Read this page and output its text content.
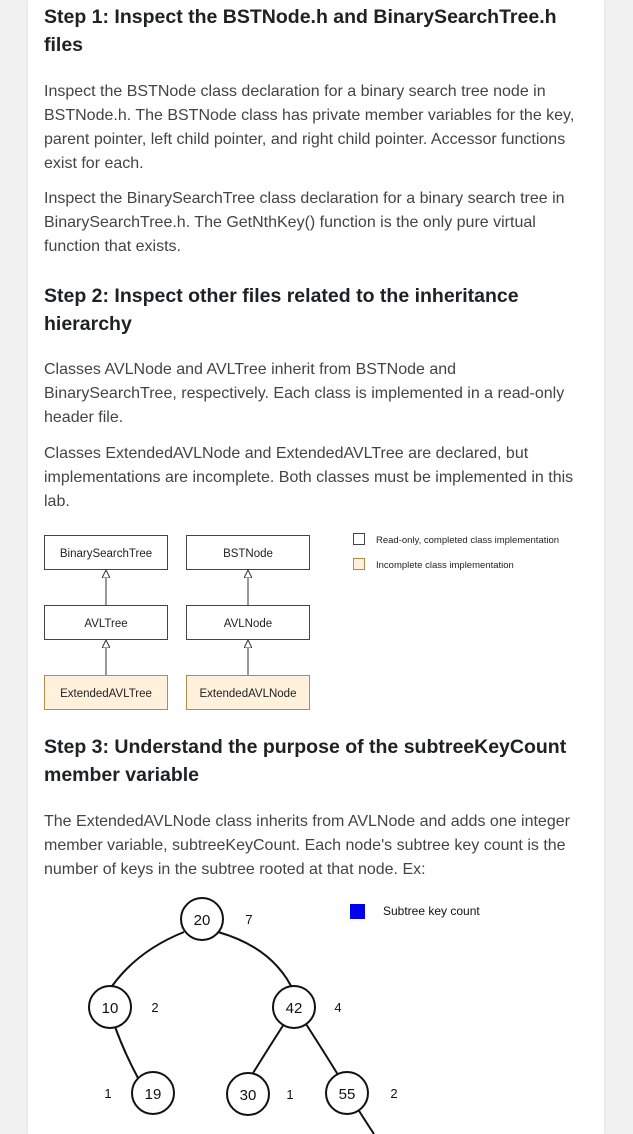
Step 1: Inspect the BSTNode.h and BinarySearchTree.h files

Inspect the BSTNode class declaration for a binary search tree node in BSTNode.h. The BSTNode class has private member variables for the key, parent pointer, left child pointer, and right child pointer. Accessor functions exist for each.

Inspect the BinarySearchTree class declaration for a binary search tree in BinarySearchTree.h. The GetNthKey() function is the only pure virtual function that exists.

Step 2: Inspect other files related to the inheritance hierarchy

Classes AVLNode and AVLTree inherit from BSTNode and BinarySearchTree, respectively. Each class is implemented in a read-only header file.

Classes ExtendedAVLNode and ExtendedAVLTree are declared, but implementations are incomplete. Both classes must be implemented in this lab.

BinarySearchTree	BSTNode
AVLTree	AVLNode
ExtendedAVLTree	ExtendedAVLNode
Read-only, completed class implementation
Incomplete class implementation
Step 3: Understand the purpose of the subtreeKeyCount member variable

The ExtendedAVLNode class inherits from AVLNode and adds one integer member variable, subtreeKeyCount. Each node's subtree key count is the number of keys in the subtree rooted at that node. Ex:

20	7
10	2	42 4
19
1	30 1	55	2
Subtree key count
